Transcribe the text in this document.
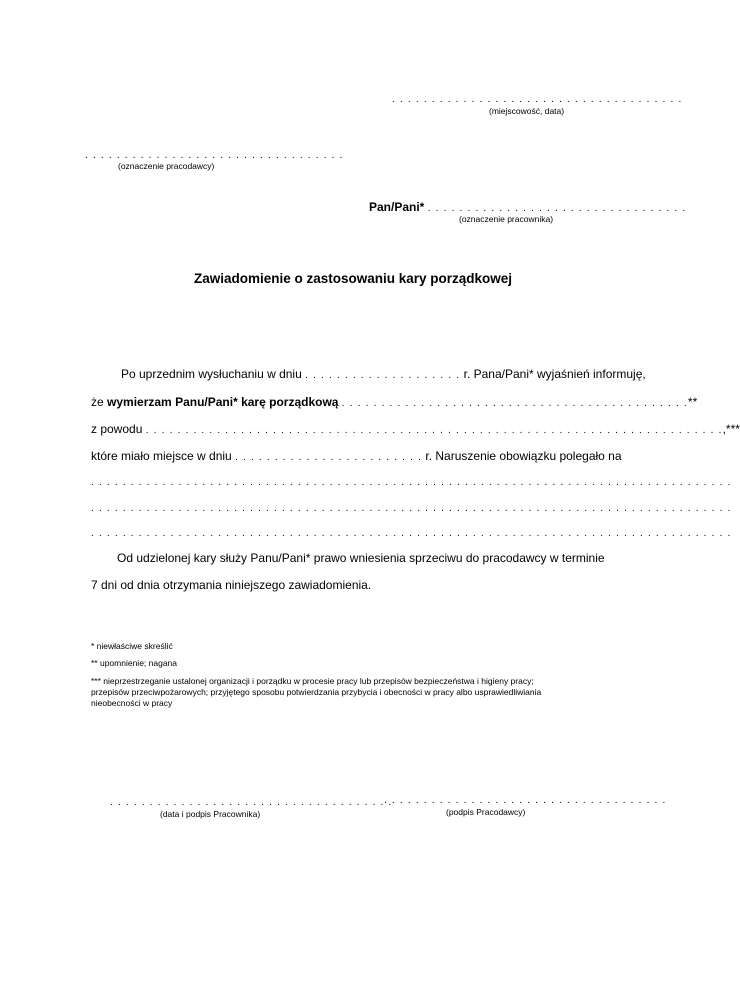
. . . . . . . . . . . . . . . . . . . . . . . . . . . . . . . . . . . . .
(miejscowość, data)
. . . . . . . . . . . . . . . . . . . . . . . . . . . . . . . . .
(oznaczenie pracodawcy)
Pan/Pani* . . . . . . . . . . . . . . . . . . . . . . . . . . . . . . . . .
(oznaczenie pracownika)
Zawiadomienie o zastosowaniu kary porządkowej
Po uprzednim wysłuchaniu w dniu . . . . . . . . . . . . . . . . . . . . r. Pana/Pani* wyjaśnień informuję,
że wymierzam Panu/Pani* karę porządkową . . . . . . . . . . . . . . . . . . . . . . . . . . . . . . . . . . . . . . . . . . . .**
z powodu . . . . . . . . . . . . . . . . . . . . . . . . . . . . . . . . . . . . . . . . . . . . . . . . . . . . . . . . . . . . . . . . . . . . . . . . .,***
które miało miejsce w dniu . . . . . . . . . . . . . . . . . . . . . . . . r. Naruszenie obowiązku polegało na
. . . . . . . . . . . . . . . . . . . . . . . . . . . . . . . . . . . . . . . . . . . . . . . . . . . . . . . . . . . . . . . . . . . . . . . . . . . . . . . . .
. . . . . . . . . . . . . . . . . . . . . . . . . . . . . . . . . . . . . . . . . . . . . . . . . . . . . . . . . . . . . . . . . . . . . . . . . . . . . . . . .
. . . . . . . . . . . . . . . . . . . . . . . . . . . . . . . . . . . . . . . . . . . . . . . . . . . . . . . . . . . . . . . . . . . . . . . . . . . . . . . . .
Od udzielonej kary służy Panu/Pani* prawo wniesienia sprzeciwu do pracodawcy w terminie
7 dni od dnia otrzymania niniejszego zawiadomienia.
* niewłaściwe skreślić
** upomnienie; nagana
*** nieprzestrzeganie ustalonej organizacji i porządku w procesie pracy lub przepisów bezpieczeństwa i higieny pracy;
przepisów przeciwpożarowych; przyjętego sposobu potwierdzania przybycia i obecności w pracy albo usprawiedliwiania
nieobecności w pracy
. . . . . . . . . . . . . . . . . . . . . . . . . . . . . . . . . . . .
(data i podpis Pracownika)
. . . . . . . . . . . . . . . . . . . . . . . . . . . . . . . . . . . .
(podpis Pracodawcy)
